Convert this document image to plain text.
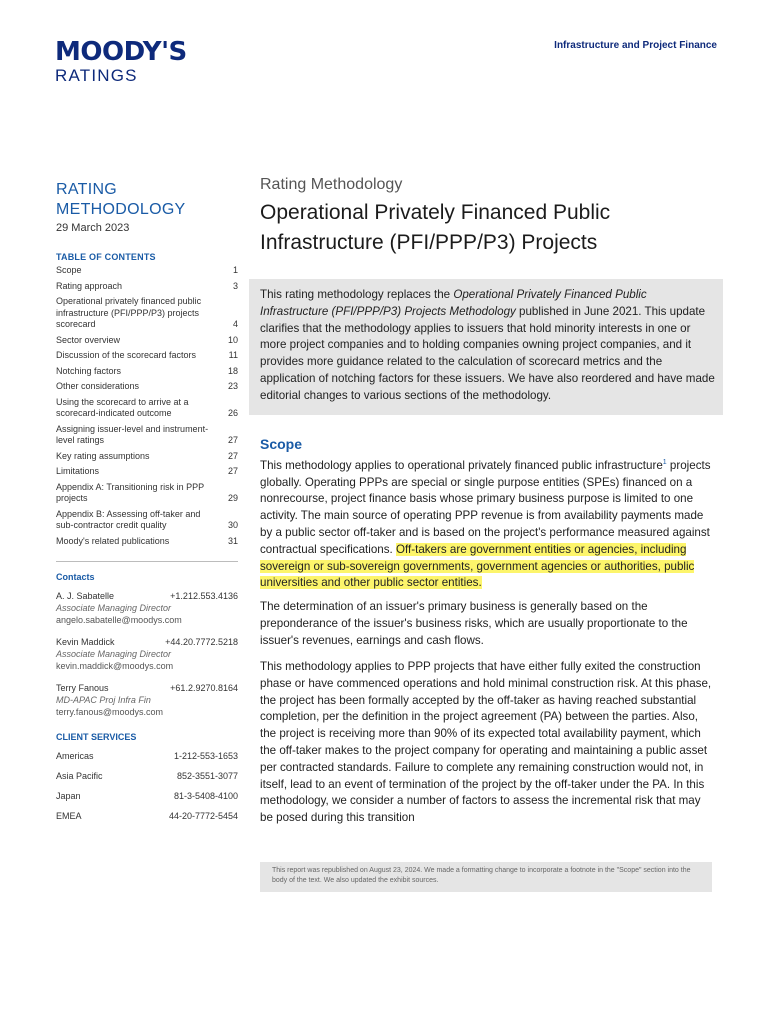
MOODY'S
RATINGS
Infrastructure and Project Finance
RATING
METHODOLOGY
29 March 2023
TABLE OF CONTENTS
Scope	1
Rating approach	3
Operational privately financed public infrastructure (PFI/PPP/P3) projects scorecard	4
Sector overview	10
Discussion of the scorecard factors	11
Notching factors	18
Other considerations	23
Using the scorecard to arrive at a scorecard-indicated outcome	26
Assigning issuer-level and instrument-level ratings	27
Key rating assumptions	27
Limitations	27
Appendix A: Transitioning risk in PPP projects	29
Appendix B: Assessing off-taker and sub-contractor credit quality	30
Moody's related publications	31
Contacts
A. J. Sabatelle	+1.212.553.4136
Associate Managing Director
angelo.sabatelle@moodys.com
Kevin Maddick	+44.20.7772.5218
Associate Managing Director
kevin.maddick@moodys.com
Terry Fanous	+61.2.9270.8164
MD-APAC Proj Infra Fin
terry.fanous@moodys.com
CLIENT SERVICES
Americas	1-212-553-1653
Asia Pacific	852-3551-3077
Japan	81-3-5408-4100
EMEA	44-20-7772-5454
Rating Methodology
Operational Privately Financed Public
Infrastructure (PFI/PPP/P3) Projects

This rating methodology replaces the Operational Privately Financed Public Infrastructure (PFI/PPP/P3) Projects Methodology published in June 2021. This update clarifies that the methodology applies to issuers that hold minority interests in one or more project companies and to holding companies owning project companies, and it provides more guidance related to the calculation of scorecard metrics and the application of notching factors for these issuers. We have also reordered and have made editorial changes to various sections of the methodology.

Scope

This methodology applies to operational privately financed public infrastructure$^1$ projects globally. Operating PPPs are special or single purpose entities (SPEs) financed on a nonrecourse, project finance basis whose primary business purpose is limited to one activity. The main source of operating PPP revenue is from availability payments made by a public sector off-taker and is based on the project's performance measured against contractual specifications. Off-takers are government entities or agencies, including sovereign or sub-sovereign governments, government agencies or authorities, public universities and other public sector entities.

The determination of an issuer's primary business is generally based on the preponderance of the issuer's business risks, which are usually proportionate to the issuer's revenues, earnings and cash flows.

This methodology applies to PPP projects that have either fully exited the construction phase or have commenced operations and hold minimal construction risk. At this phase, the project has been formally accepted by the off-taker as having reached substantial completion, per the definition in the project agreement (PA) between the parties. Also, the project is receiving more than 90% of its expected total availability payment, which the off-taker makes to the project company for operating and maintaining a public asset per contracted standards. Failure to complete any remaining construction would not, in itself, lead to an event of termination of the project by the off-taker under the PA. In this methodology, we consider a number of factors to assess the incremental risk that may be posed during this transition

This report was republished on August 23, 2024. We made a formatting change to incorporate a footnote in the "Scope" section into the body of the text. We also updated the exhibit sources.
